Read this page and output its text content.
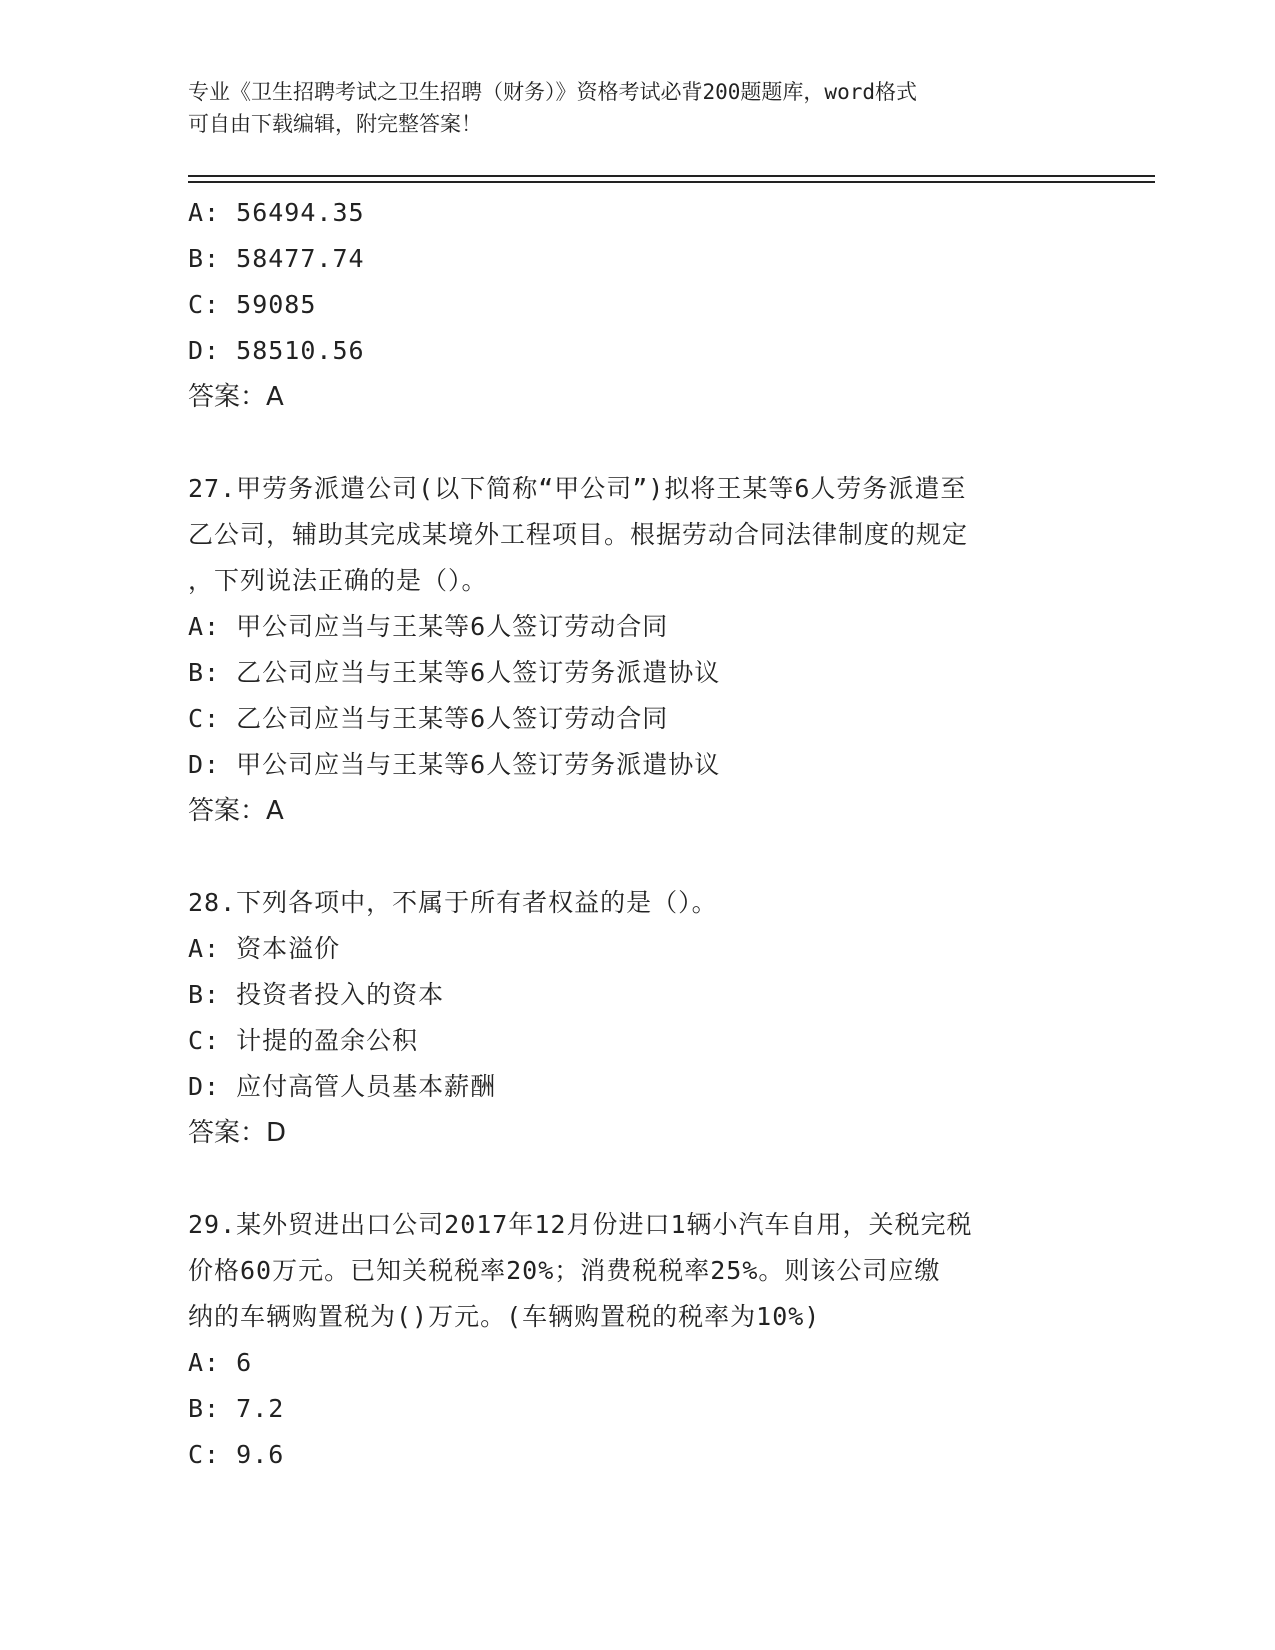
专业《卫生招聘考试之卫生招聘（财务）》资格考试必背200题题库，word格式
可自由下载编辑，附完整答案！
A: 56494.35
B: 58477.74
C: 59085
D: 58510.56
答案：A
27.甲劳务派遣公司(以下简称“甲公司”)拟将王某等6人劳务派遣至
乙公司，辅助其完成某境外工程项目。根据劳动合同法律制度的规定
，下列说法正确的是（）。
A: 甲公司应当与王某等6人签订劳动合同
B: 乙公司应当与王某等6人签订劳务派遣协议
C: 乙公司应当与王某等6人签订劳动合同
D: 甲公司应当与王某等6人签订劳务派遣协议
答案：A
28.下列各项中，不属于所有者权益的是（）。
A: 资本溢价
B: 投资者投入的资本
C: 计提的盈余公积
D: 应付高管人员基本薪酬
答案：D
29.某外贸进出口公司2017年12月份进口1辆小汽车自用，关税完税
价格60万元。已知关税税率20%；消费税税率25%。则该公司应缴
纳的车辆购置税为()万元。(车辆购置税的税率为10%)
A: 6
B: 7.2
C: 9.6
